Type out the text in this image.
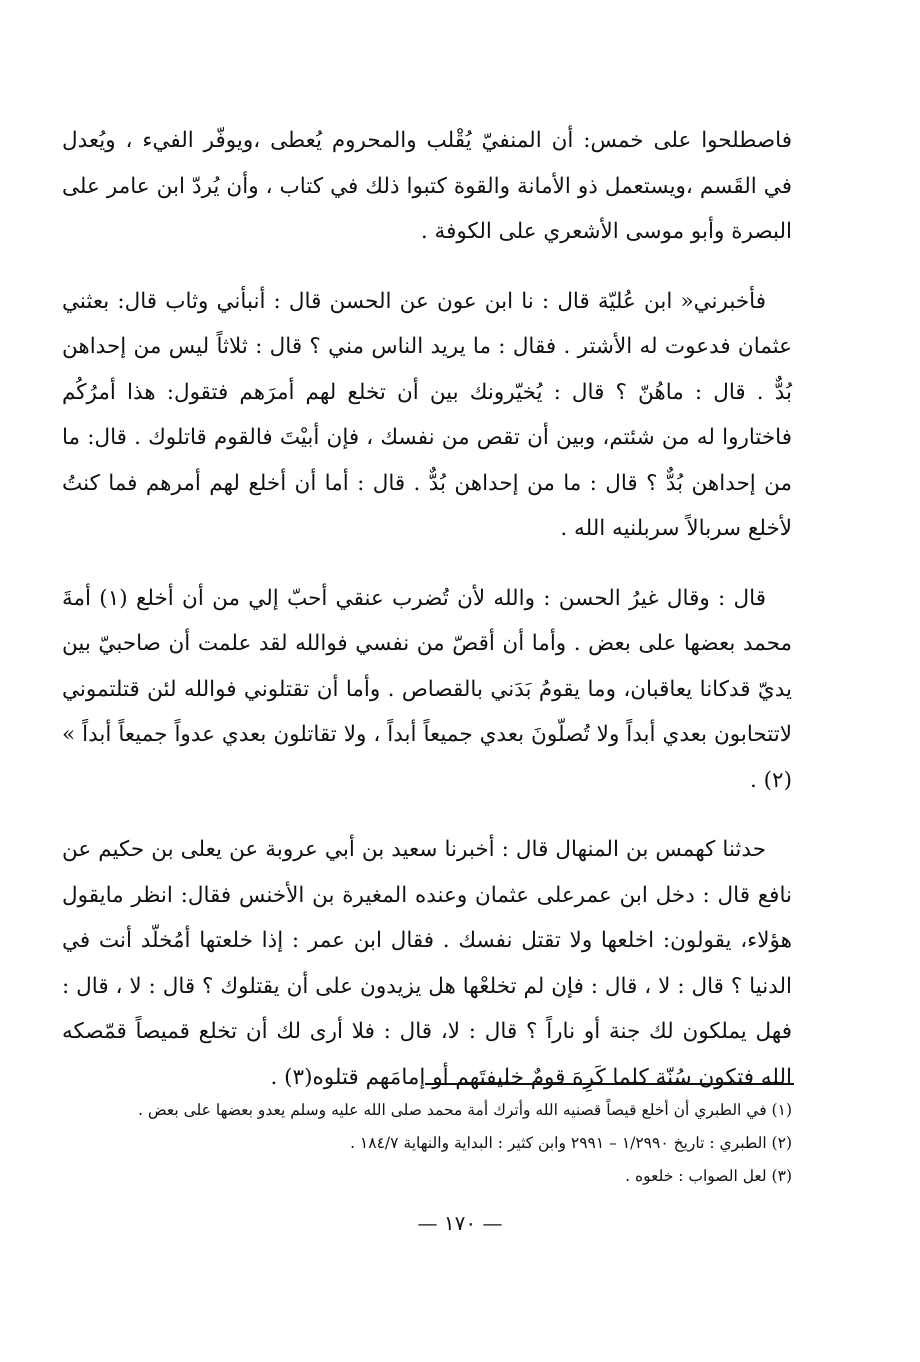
فاصطلحوا على خمس: أن المنفيّ يُقْلب والمحروم يُعطى ،ويوفّر الفيء ، ويُعدل في القَسم ،ويستعمل ذو الأمانة والقوة كتبوا ذلك في كتاب ، وأن يُردّ ابن عامر على البصرة وأبو موسى الأشعري على الكوفة .

فأخبرني« ابن عُليّة قال : نا ابن عون عن الحسن قال : أنبأني وثاب قال: بعثني عثمان فدعوت له الأشتر . فقال : ما يريد الناس مني ؟ قال : ثلاثاً ليس من إحداهن بُدٌّ . قال : ماهُنّ ؟ قال : يُخيّرونك بين أن تخلع لهم أمرَهم فتقول: هذا أمرُكُم فاختاروا له من شئتم، وبين أن تقص من نفسك ، فإن أبيْتَ فالقوم قاتلوك . قال: ما من إحداهن بُدٌّ ؟ قال : ما من إحداهن بُدٌّ . قال : أما أن أخلع لهم أمرهم فما كنتُ لأخلع سربالاً سربلنيه الله .

قال : وقال غيرُ الحسن : والله لأن تُضرب عنقي أحبّ إلي من أن أخلع (١) أمةَ محمد بعضها على بعض . وأما أن أقصّ من نفسي فوالله لقد علمت أن صاحبيّ بين يديّ قدكانا يعاقبان، وما يقومُ بَدَني بالقصاص . وأما أن تقتلوني فوالله لئن قتلتموني لاتتحابون بعدي أبداً ولا تُصلّونَ بعدي جميعاً أبداً ، ولا تقاتلون بعدي عدواً جميعاً أبداً » (٢) .

حدثنا كهمس بن المنهال قال : أخبرنا سعيد بن أبي عروبة عن يعلى بن حكيم عن نافع قال : دخل ابن عمرعلى عثمان وعنده المغيرة بن الأخنس فقال: انظر مايقول هؤلاء، يقولون: اخلعها ولا تقتل نفسك . فقال ابن عمر : إذا خلعتها أمُخلّد أنت في الدنيا ؟ قال : لا ، قال : فإن لم تخلعْها هل يزيدون على أن يقتلوك ؟ قال : لا ، قال : فهل يملكون لك جنة أو ناراً ؟ قال : لا، قال : فلا أرى لك أن تخلع قميصاً قمّصكه الله فتكون سُنّة كلما كَرِهَ قومٌ خليفتَهم أو إمامَهم قتلوه(٣) .

(١) في الطبري أن أخلع قيصاً قصنيه الله وأترك أمة محمد صلى الله عليه وسلم يعدو بعضها على بعض .

(٢) الطبري : تاريخ ١/٢٩٩٠ – ٢٩٩١ وابن كثير : البداية والنهاية ١٨٤/٧ .

(٣) لعل الصواب : خلعوه .

— ١٧٠ —
